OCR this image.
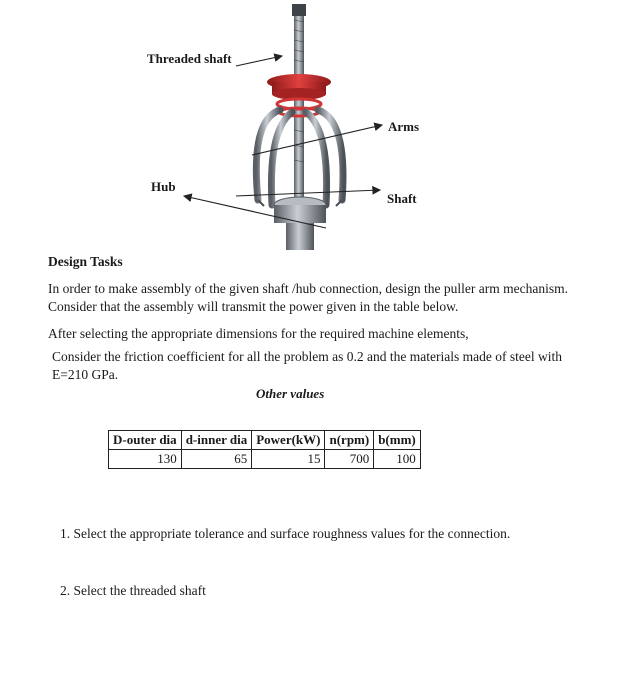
Threaded shaft
Arms
Hub
Shaft
Design Tasks
In order to make assembly of the given shaft /hub connection, design the puller arm mechanism.
Consider that the assembly will transmit the power given in the table below.
After selecting the appropriate dimensions for the required machine elements,
Consider the friction coefficient for all the problem as 0.2 and the materials made of steel with
E=210 GPa.
Other values
D-outer dia	d-inner dia	Power(kW)	n(rpm)	b(mm)
130	65	15	700	100
1. Select the appropriate tolerance and surface roughness values for the connection.
2. Select the threaded shaft
